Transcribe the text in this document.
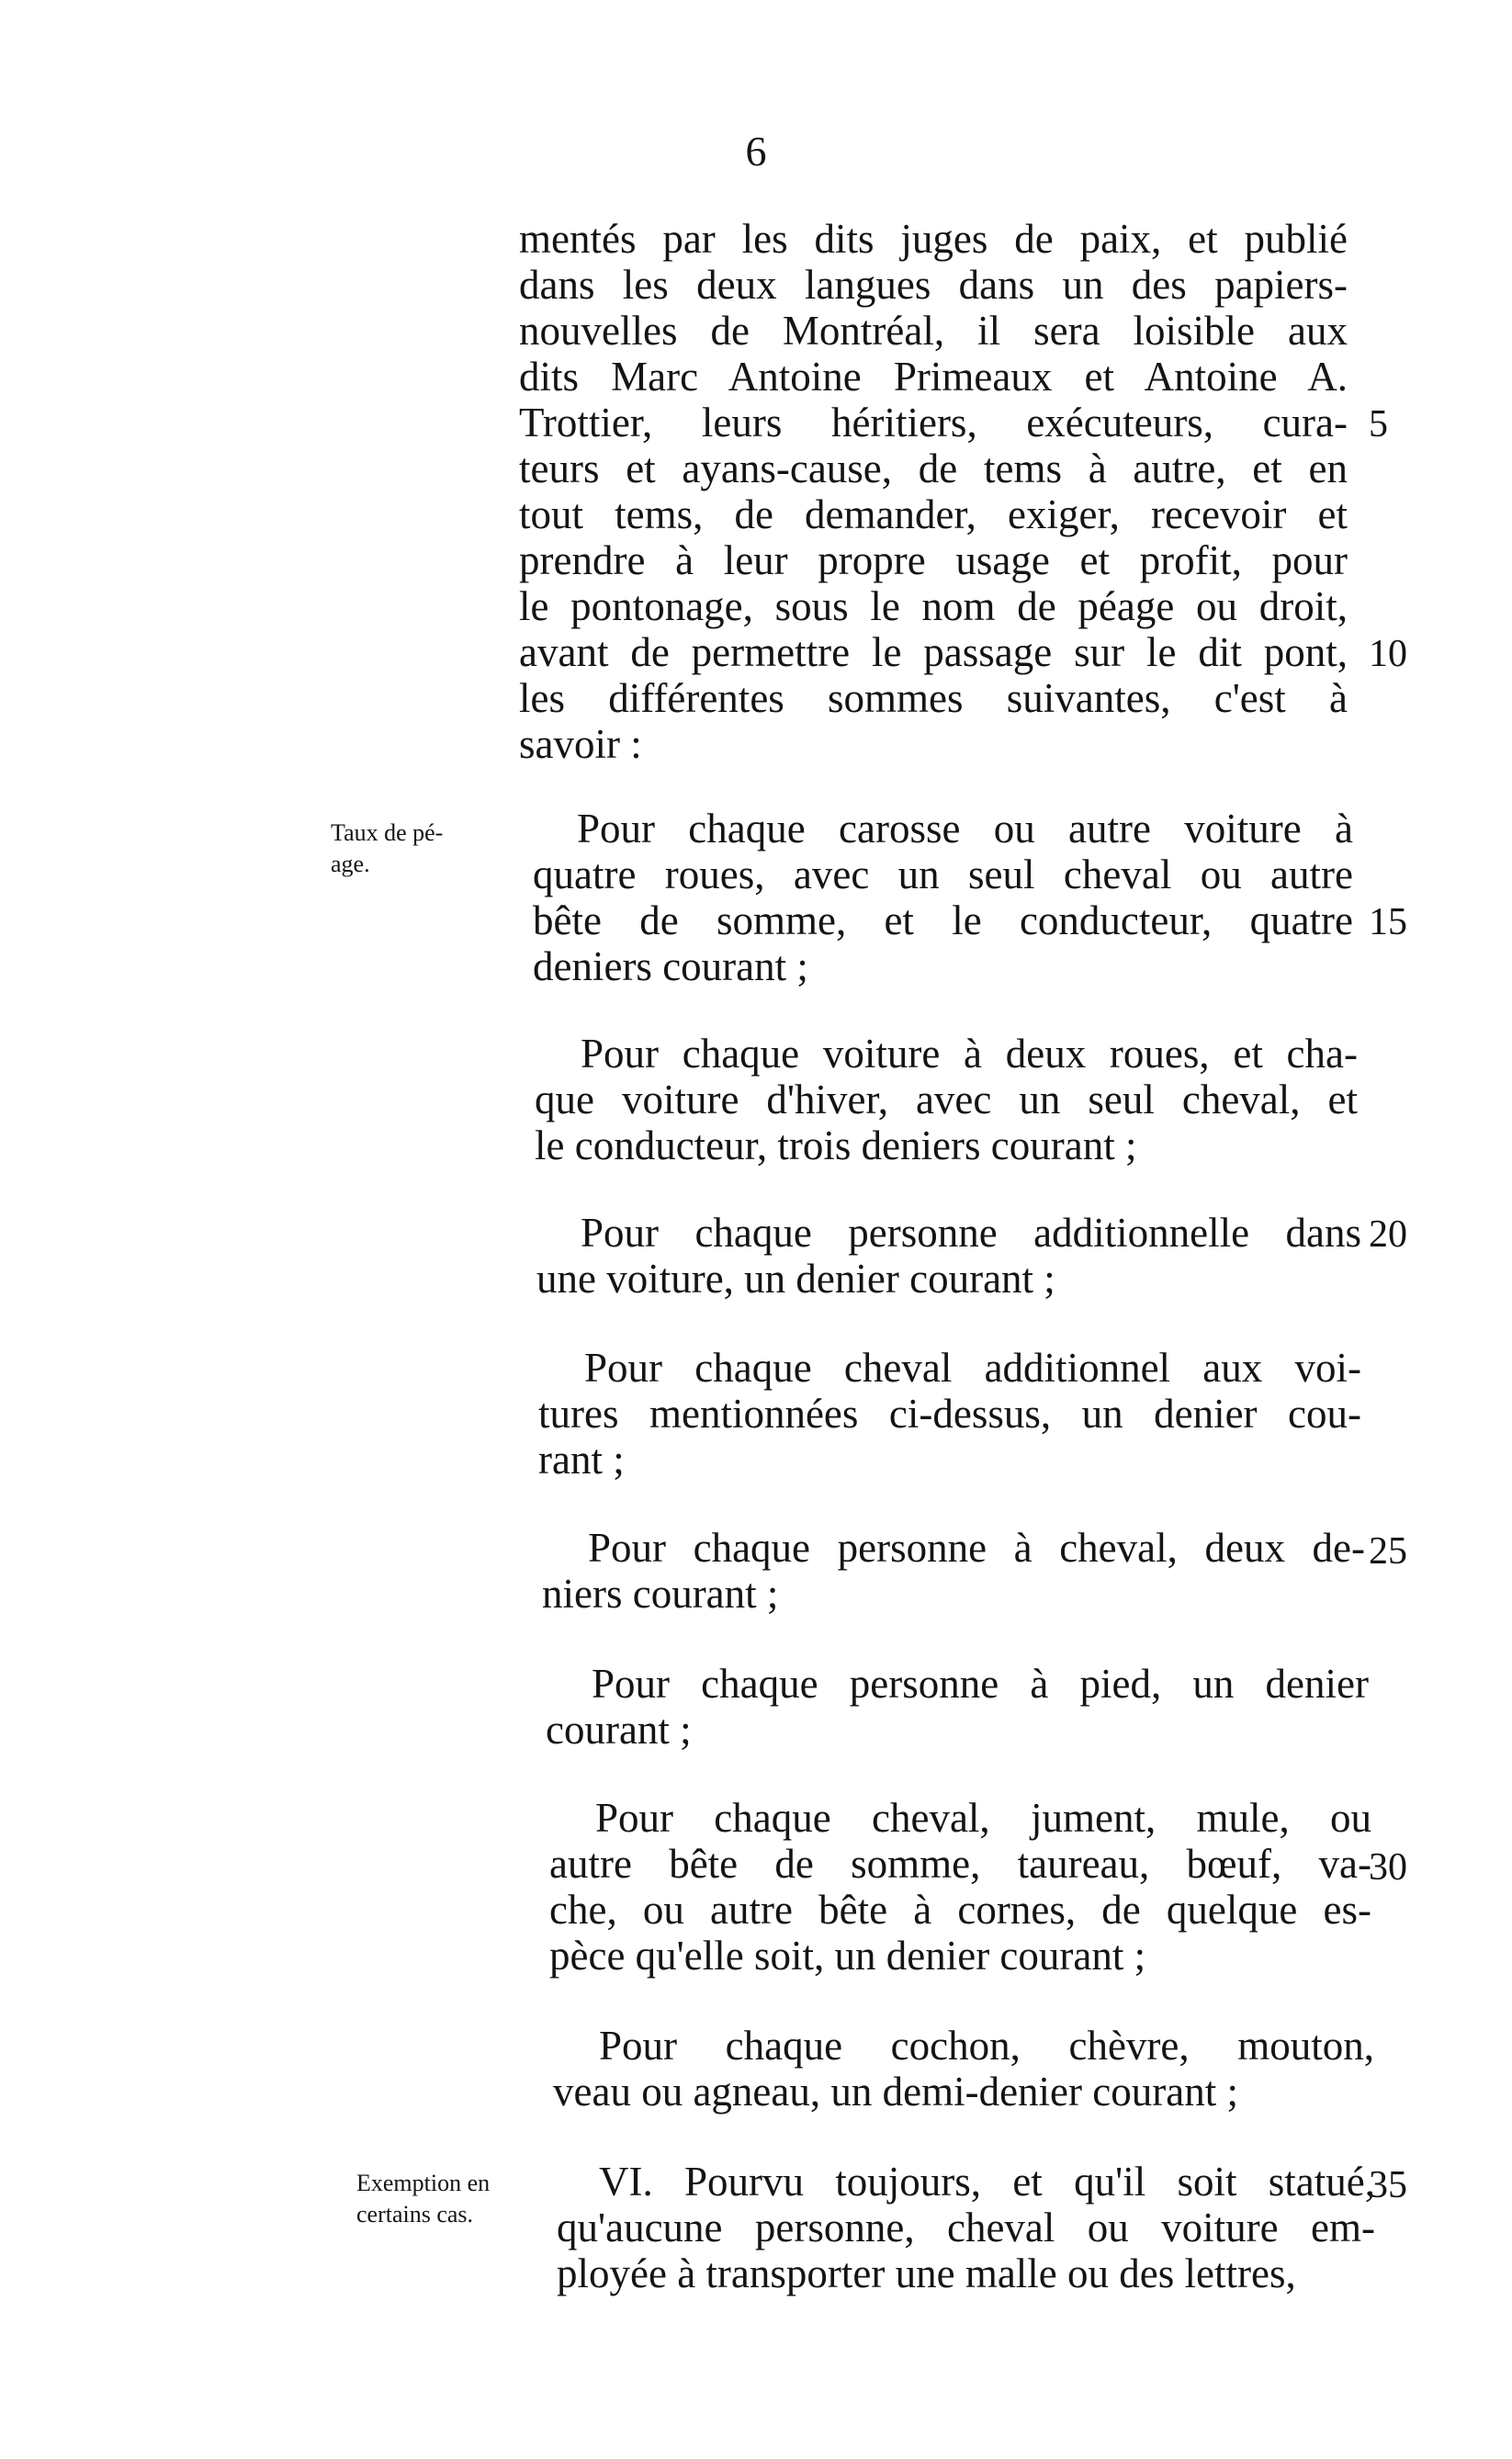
6
mentés par les dits juges de paix, et publié
dans les deux langues dans un des papiers-
nouvelles de Montréal, il sera loisible aux
dits Marc Antoine Primeaux et Antoine A.
Trottier, leurs héritiers, exécuteurs, cura-
teurs et ayans-cause, de tems à autre, et en
tout tems, de demander, exiger, recevoir et
prendre à leur propre usage et profit, pour
le pontonage, sous le nom de péage ou droit,
avant de permettre le passage sur le dit pont,
les différentes sommes suivantes, c'est à
savoir :
Taux de pé-
age.
Pour chaque carosse ou autre voiture à
quatre roues, avec un seul cheval ou autre
bête de somme, et le conducteur, quatre
deniers courant ;
Pour chaque voiture à deux roues, et cha-
que voiture d'hiver, avec un seul cheval, et
le conducteur, trois deniers courant ;
Pour chaque personne additionnelle dans
une voiture, un denier courant ;
Pour chaque cheval additionnel aux voi-
tures mentionnées ci-dessus, un denier cou-
rant ;
Pour chaque personne à cheval, deux de-
niers courant ;
Pour chaque personne à pied, un denier
courant ;
Pour chaque cheval, jument, mule, ou
autre bête de somme, taureau, bœuf, va-
che, ou autre bête à cornes, de quelque es-
pèce qu'elle soit, un denier courant ;
Pour chaque cochon, chèvre, mouton,
veau ou agneau, un demi-denier courant ;
Exemption en
certains cas.
VI. Pourvu toujours, et qu'il soit statué,
qu'aucune personne, cheval ou voiture em-
ployée à transporter une malle ou des lettres,
5
10
15
20
25
30
35
